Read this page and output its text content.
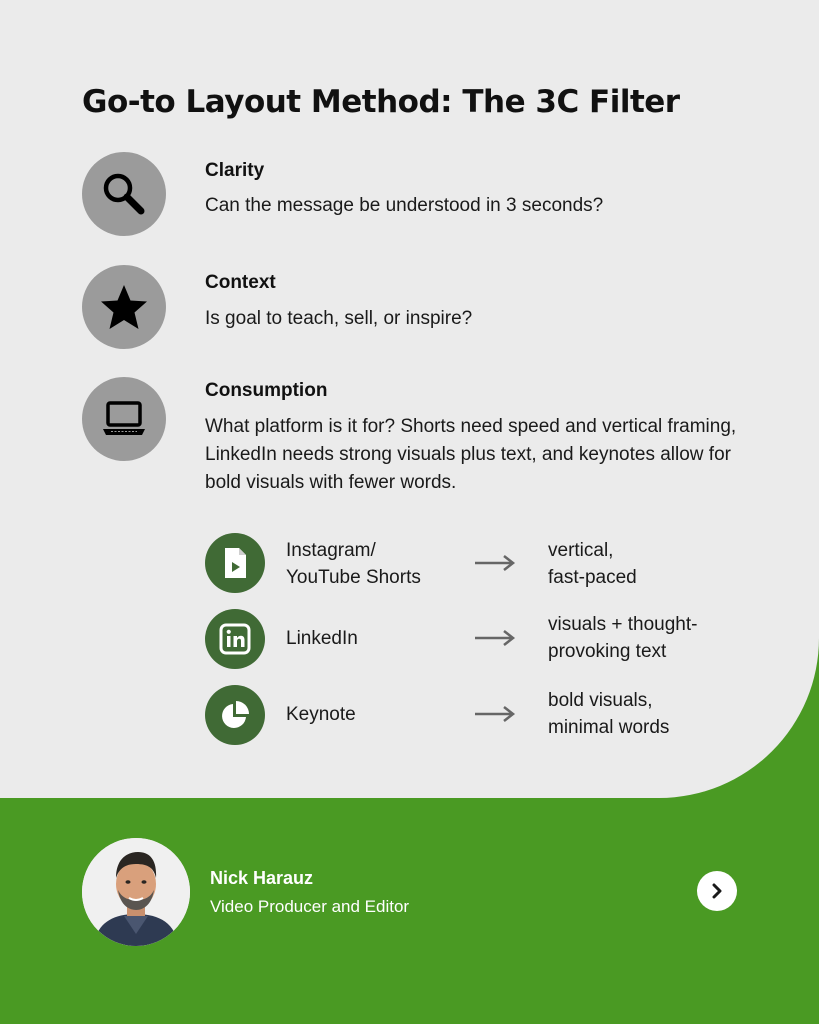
Go-to Layout Method: The 3C Filter
Clarity
Can the message be understood in 3 seconds?
Context
Is goal to teach, sell, or inspire?
Consumption
What platform is it for? Shorts need speed and vertical framing, LinkedIn needs strong visuals plus text, and keynotes allow for bold visuals with fewer words.
Instagram/
YouTube Shorts
vertical,
fast-paced
LinkedIn
visuals + thought-
provoking text
Keynote
bold visuals,
minimal words
Nick Harauz
Video Producer and Editor
